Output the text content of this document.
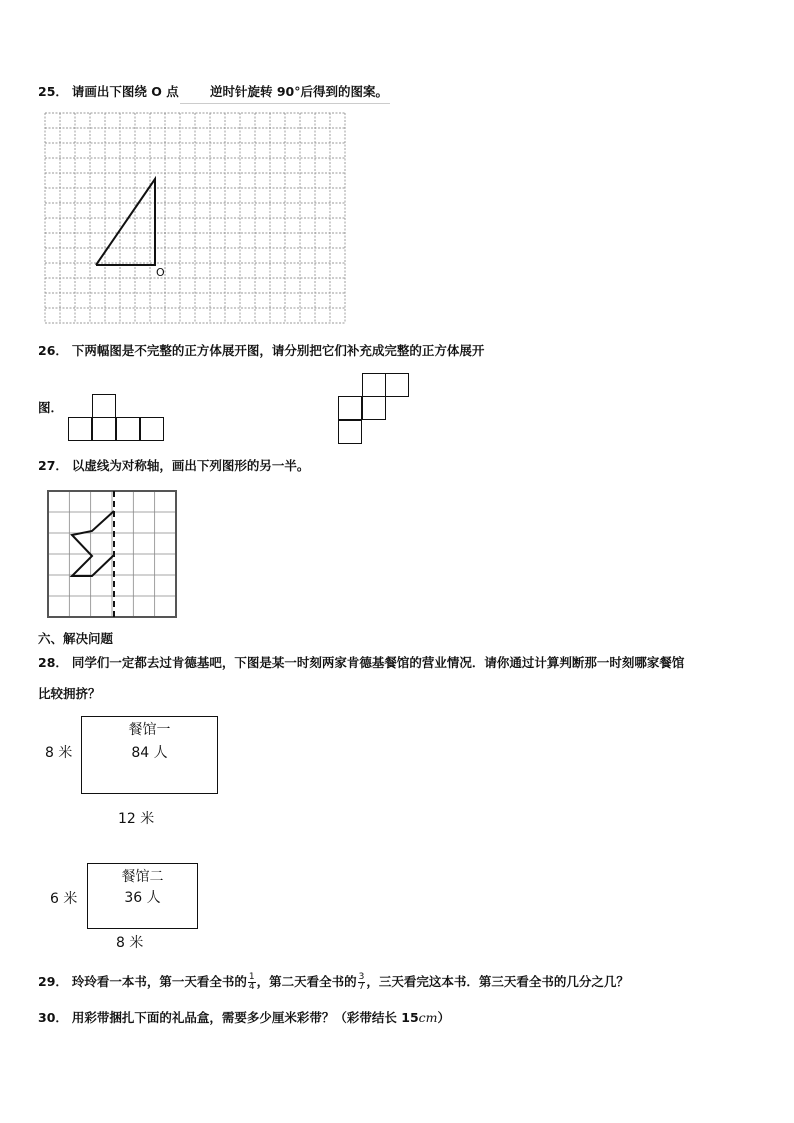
25． 请画出下图绕 O 点	逆时针旋转 90°后得到的图案。
O
26． 下两幅图是不完整的正方体展开图，请分别把它们补充成完整的正方体展开
图．
27． 以虚线为对称轴，画出下列图形的另一半。
六、解决问题
28． 同学们一定都去过肯德基吧，下图是某一时刻两家肯德基餐馆的营业情况．请你通过计算判断那一时刻哪家餐馆
比较拥挤？
餐馆一
84 人
8 米
12 米
餐馆二
36 人
6 米
8 米
29． 玲玲看一本书，第一天看全书的 $\frac{1}{4}$ ，第二天看全书的 $\frac{3}{7}$ ，三天看完这本书．第三天看全书的几分之几？
30． 用彩带捆扎下面的礼品盒，需要多少厘米彩带？（彩带结长 15cm）
